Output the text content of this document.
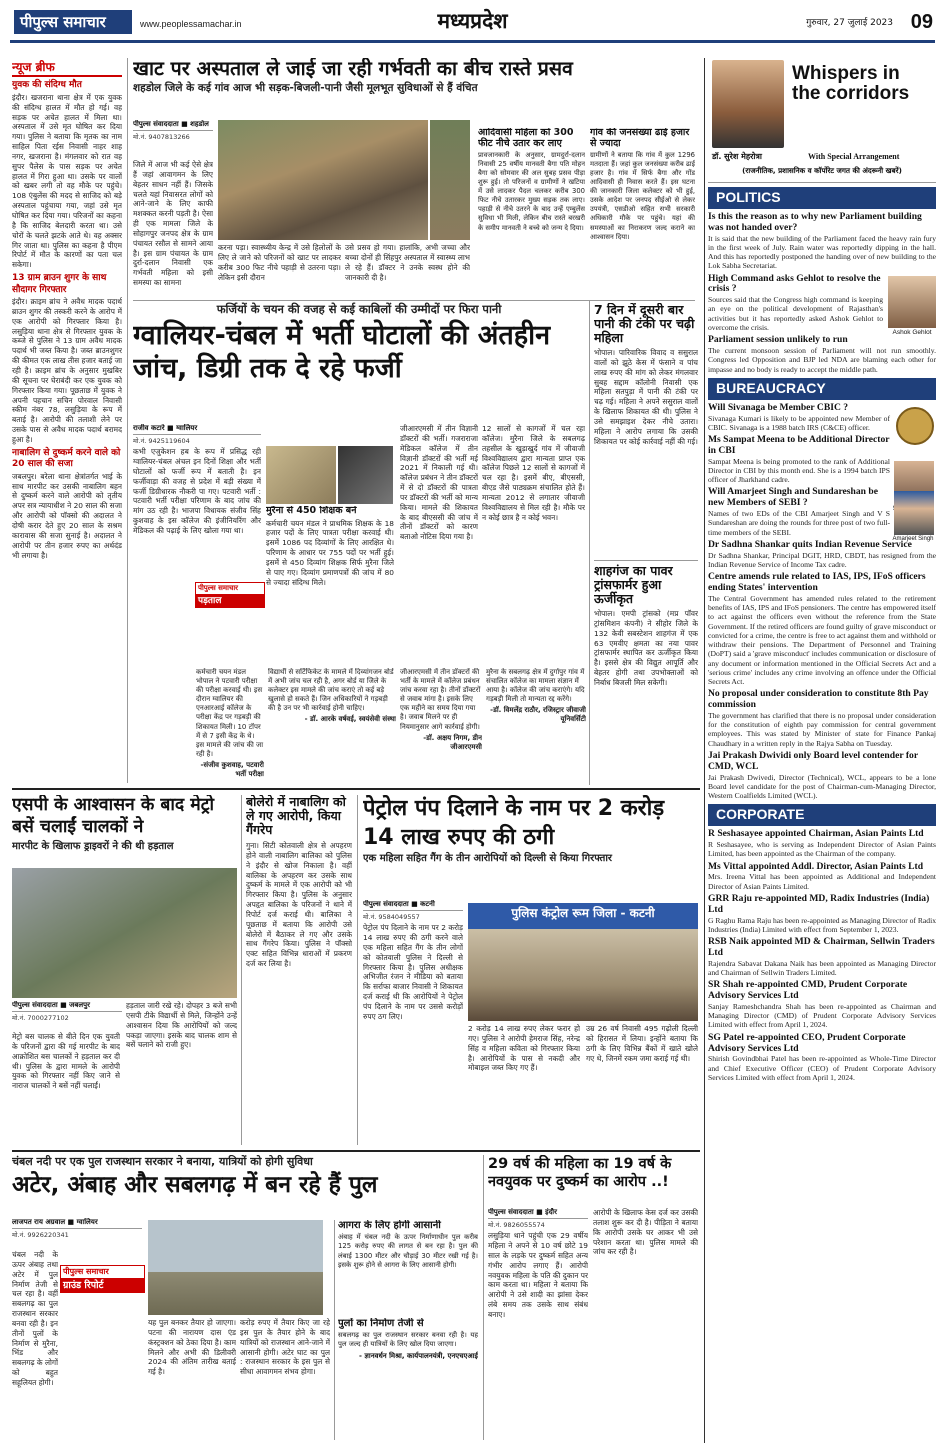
पीपुल्स समाचार	www.peoplessamachar.in	मध्यप्रदेश	गुरुवार, 27 जुलाई 2023 09
न्यूज ब्रीफ
युवक की संदिग्ध मौत
इंदौर। खजराना थाना क्षेत्र में एक युवक की संदिग्ध हालत में मौत हो गई। वह सड़क पर अचेत हालत में मिला था। अस्पताल में उसे मृत घोषित कर दिया गया। पुलिस ने बताया कि मृतक का नाम साहिल पिता रईस निवासी नाहर शाह नगर, खजराना है। मंगलवार को रात वह सुपर पैलेस के पास सड़क पर अचेत हालत में गिरा हुआ था। उसके पर वालों को खबर लगी तो वह मौके पर पहुंचे। 108 एंबुलेंस की मदद से साजिद को बड़े अस्पताल पहुंचाया गया, जहां उसे मृत घोषित कर दिया गया। परिजनों का कहना है कि साजिद बेलदारी करता था। उसे चोरों के चलते झटके आते थे। वह अक्सर गिर जाता था। पुलिस का कहना है पीएम रिपोर्ट में मौत के कारणों का पता चल सकेगा।
13 ग्राम ब्राउन शुगर के साथ सौदागर गिरफ्तार
इंदौर। क्राइम ब्रांच ने अवैध मादक पदार्थ ब्राउन शुगर की तस्करी करने के आरोप में एक आरोपी को गिरफ्तार किया है। लसुड़िया थाना क्षेत्र से गिरफ्तार युवक के कब्जे से पुलिस ने 13 ग्राम अवैध मादक पदार्थ भी जब्त किया है। जब्त ब्राउनशुगर की कीमत एक लाख तीस हजार बताई जा रही है। क्राइम ब्रांच के अनुसार मुखबिर की सूचना पर घेराबंदी कर एक युवक को गिरफ्तार किया गया। पूछताछ में युवक ने अपनी पहचान सचिन पोरवाल निवासी स्कीम नंबर 78, लसुड़िया के रूप में बताई है। आरोपी की तलाशी लेने पर उसके पास से अवैध मादक पदार्थ बरामद हुआ है।
नाबालिग से दुष्कर्म करने वाले को 20 साल की सजा
जबलपुर। बरेला थाना क्षेत्रांतर्गत भाई के साथ मारपीट कर उसकी नाबालिग बहन से दुष्कर्म करने वाले आरोपी को तृतीय अपर सत्र न्यायाधीश ने 20 साल की सजा और आरोपी को पॉक्सो की अदालत ने दोषी करार देते हुए 20 साल के सश्रम कारावास की सजा सुनाई है। अदालत ने आरोपी पर तीन हजार रुपए का अर्थदंड भी लगाया है।
खाट पर अस्पताल ले जाई जा रही गर्भवती का बीच रास्ते प्रसव
शहडोल जिले के कई गांव आज भी सड़क-बिजली-पानी जैसी मूलभूत सुविधाओं से हैं वंचित
पीपुल्स संवाददाता ■ शहडोल
मो.नं. 9407813266
जिले में आज भी कई ऐसे क्षेत्र हैं जहां आवागमन के लिए बेहतर साधन नहीं हैं। जिसके चलते यहां निवासरत लोगों को आने-जाने के लिए काफी मशक्कत करनी पड़ती है। ऐसा ही एक मामला जिले के सोहागपुर जनपद क्षेत्र के ग्राम पंचायत रसौल से सामने आया है। इस ग्राम पंचायत के ग्राम दुर्रा-दलान निवासी एक गर्भवती महिला को इसी समस्या का सामना
करना पड़ा। स्वास्थ्यीय केन्द्र में उसे हिलोलों के लिए ले जाने को परिजनों को खाट पर लादकर करीब 300 फिट नीचे पहाड़ी से उतरना पड़ा। लेकिन इसी दौरान
उसे प्रसव हो गया। हालांकि, अभी जच्चा और बच्चा दोनों ही सिंहपुर अस्पताल में स्वास्थ्य लाभ ले रहे हैं। डॉक्टर ने उनके स्वस्थ होने की जानकारी दी है।
आदिवासी महिला को 300 फीट नीचे उतार कर लाए
प्रावजानकारी के अनुसार, ग्रामदुर्रा-दलान निवासी 25 वर्षीय मानवती बैगा पति मोहन बैगा को सोमवार की अल सुबह प्रसव पीड़ा शुरू हुई। तो परिजनों व ग्रामीणों ने खटिया में उसे लादकर पैदल चलकर करीब 300 फिट नीचे उतारकर मुख्य सड़क तक लाए। पहाड़ी से नीचे उतरने के बाद उन्हें एम्बुलेंस सुविधा भी मिली, लेकिन बीच रास्ते बरखरी के समीप मानवती ने बच्चे को जन्म दे दिया।
गांव की जनसंख्या ढाई हजार से ज्यादा
ग्रामीणों ने बताया कि गांव में कुल 1296 मतदाता हैं। जहां कुल जनसंख्या करीब ढाई हजार है। गांव में सिर्फ बैगा और गोंड आदिवासी ही निवास करते हैं। इस घटना की जानकारी जिला कलेक्टर को भी हुई, उसके आदेश पर जनपद सीईओ से लेकर उपयंत्री, एसडीओ सहित सभी सरकारी अधिकारी मौके पर पहुंचे। यहां की समस्याओं का निराकरण जल्द कराने का आश्वासन दिया।
फर्जियों के चयन की वजह से कई काबिलों की उम्मीदों पर फिरा पानी
ग्वालियर-चंबल में भर्ती घोटालों की अंतहीन जांच, डिग्री तक दे रहे फर्जी
राजीव कटारे ■ ग्वालियर
मो.नं. 9425119604
कभी एजुकेशन हब के रूप में प्रसिद्ध रही ग्वालियर-चंबल अंचल इन दिनों शिक्षा और भर्ती घोटालों को फर्जी रूप में बताती है। इन फर्जीवाड़ा की वजह से प्रदेश में बड़ी संख्या में फर्जी डिग्रीधारक नौकरी पा गए। पटवारी भर्ती : पटवारी भर्ती परीक्षा परिणाम के बाद जांच की मांग उठ रही है। भाजपा विधायक संजीव सिंह कुशवाह के इस कॉलेज की इंजीनियरिंग और मेडिकल की पढ़ाई के लिए खोला गया था।
पीपुल्स समाचार
पड़ताल
मुरैना से 450 शिक्षक बने
कर्मचारी चयन मंडल ने प्राथमिक शिक्षक के 18 हजार पदों के लिए पात्रता परीक्षा करवाई थी। इसमें 1086 पद दिव्यांगों के लिए आरक्षित थे। परिणाम के आधार पर 755 पदों पर भर्ती हुई। इसमें से 450 दिव्यांग शिक्षक सिर्फ मुरैना जिले से पाए गए। दिव्यांग प्रमाणपत्रों की जांच में 80 से ज्यादा संदिग्ध मिले।
जीआरएमसी में तीन विज्ञानी डॉक्टरों की भर्ती। गजराराजा मेडिकल कॉलेज में तीन विज्ञानी डॉक्टरों की भर्ती मई 2021 में निकाली गई थी। कॉलेज प्रबंधन ने तीन डॉक्टरों में से दो डॉक्टरों की पात्रता पर डॉक्टरों की भर्ती को मान्य किया। मामले की शिकायत के बाद बीएससी की जांच में तीनों डॉक्टरों को कारण बताओ नोटिस दिया गया है।
12 सालों से कागजों में चल रहा कॉलेज। मुरैना जिले के सबलगढ़ तहसील के खुड़ाखुर्द गांव में जीवाजी विश्वविद्यालय द्वारा मान्यता प्राप्त एक कॉलेज पिछले 12 सालों से कागजों में चल रहा है। इसमें बीए, बीएससी, बीएड जैसे पाठ्यक्रम संचालित होते हैं। मान्यता 2012 से लगातार जीवाजी विश्वविद्यालय से मिल रही है। मौके पर न कोई छात्र है न कोई भवन।
कर्मचारी चयन मंडल भोपाल ने पटवारी परीक्षा की परीक्षा करवाई थी। इस दौरान ग्वालियर की एनआरआई कॉलेज के परीक्षा केंद्र पर गड़बड़ी की शिकायत मिली। 10 टॉपर में से 7 इसी केंद्र के थे। इस मामले की जांच की जा रही है।
-संजीव कुशवाह, पटवारी भर्ती परीक्षा
विद्यार्थी से सर्टिफिकेट के मामले में दिव्यांगजन बोर्ड में अभी जांच चल रही है, अगर बोर्ड या जिले के कलेक्टर इस मामले की जांच कराएं तो कई बड़े खुलासे हो सकते हैं। जिन अधिकारियों ने गड़बड़ी की है उन पर भी कार्रवाई होनी चाहिए।
- डॉ. आरके वर्षवई, स्वयंसेवी संस्था
जीआरएमसी में तीन डॉक्टरों की भर्ती के मामले में कॉलेज प्रबंधन जांच करवा रहा है। तीनों डॉक्टरों से जवाब मांगा है। इसके लिए एक महीने का समय दिया गया है। जवाब मिलने पर ही नियमानुसार आगे कार्रवाई होगी।
-डॉ. अक्षय निगम, डीन जीआरएमसी
मुरैना के सबलगढ़ क्षेत्र में दुर्गापुर गांव में संचालित कॉलेज का मामला संज्ञान में आया है। कॉलेज की जांच कराएंगे। यदि गड़बड़ी मिली तो मान्यता रद्द करेंगे।
-डॉ. विमलेंद्र राठौर, रजिस्ट्रार जीवाजी यूनिवर्सिटी
7 दिन में दूसरी बार पानी की टंकी पर चढ़ी महिला
भोपाल। पारिवारिक विवाद व ससुराल वालों को झूठे केस में फंसाने व पांच लाख रुपए की मांग को लेकर मंगलवार सुबह सद्दाम कॉलोनी निवासी एक महिला सतपुड़ा में पानी की टंकी पर चढ़ गई। महिला ने अपने ससुराल वालों के खिलाफ शिकायत की थी। पुलिस ने उसे समझाइश देकर नीचे उतारा। महिला ने आरोप लगाया कि उसकी शिकायत पर कोई कार्रवाई नहीं की गई।
शाहगंज का पावर ट्रांसफार्मर हुआ ऊर्जीकृत
भोपाल। एमपी ट्रांसको (मप्र पॉवर ट्रांसमिशन कंपनी) ने सीहोर जिले के 132 केवी सबस्टेशन शाहगंज में एक 63 एमवीए क्षमता का नया पावर ट्रांसफार्मर स्थापित कर ऊर्जीकृत किया है। इससे क्षेत्र की विद्युत आपूर्ति और बेहतर होगी तथा उपभोक्ताओं को निर्बाध बिजली मिल सकेगी।
एसपी के आश्वासन के बाद मेट्रो बसें चलाईं चालकों ने
मारपीट के खिलाफ ड्राइवरों ने की थी हड़ताल
पीपुल्स संवाददाता ■ जबलपुर
मो.नं. 7000277102
मेट्रो बस चालक से बीते दिन एक युवती के परिजनों द्वारा की गई मारपीट के बाद आक्रोशित बस चालकों ने हड़ताल कर दी थी। पुलिस के द्वारा मामले के आरोपी युवक को गिरफ्तार नहीं किए जाने से नाराज चालकों ने बसें नहीं चलाईं।
हड़ताल जारी रखे रहे। दोपहर 3 बजे सभी एसपी टीके विद्यार्थी से मिले, जिन्होंने उन्हें आश्वासन दिया कि आरोपियों को जल्द पकड़ा जाएगा। इसके बाद चालक शाम से बसें चलाने को राजी हुए।
बोलेरो में नाबालिग को ले गए आरोपी, किया गैंगरेप
गुना। सिटी कोतवाली क्षेत्र से अपहरण होने वाली नाबालिग बालिका को पुलिस ने इंदौर से खोज निकाला है। वहीं बालिका के अपहरण कर उसके साथ दुष्कर्म के मामले में एक आरोपी को भी गिरफ्तार किया है। पुलिस के अनुसार अपहृत बालिका के परिजनों ने थाने में रिपोर्ट दर्ज कराई थी। बालिका ने पूछताछ में बताया कि आरोपी उसे बोलेरो में बैठाकर ले गए और उसके साथ गैंगरेप किया। पुलिस ने पॉक्सो एक्ट सहित विभिन्न धाराओं में प्रकरण दर्ज कर लिया है।
पेट्रोल पंप दिलाने के नाम पर 2 करोड़ 14 लाख रुपए की ठगी
एक महिला सहित गैंग के तीन आरोपियों को दिल्ली से किया गिरफ्तार
पीपुल्स संवाददाता ■ कटनी
मो.नं. 9584049557
पेट्रोल पंप दिलाने के नाम पर 2 करोड़ 14 लाख रुपए की ठगी करने वाले एक महिला सहित गैंग के तीन लोगों को कोतवाली पुलिस ने दिल्ली से गिरफ्तार किया है। पुलिस अधीक्षक अभिजीत रंजन ने मीडिया को बताया कि सर्राफा बाजार निवासी ने शिकायत दर्ज कराई थी कि आरोपियों ने पेट्रोल पंप दिलाने के नाम पर उससे करोड़ों रुपए ठग लिए।
पुलिस कंट्रोल रूम जिला - कटनी
2 करोड़ 14 लाख रुपए लेकर फरार हो गए। पुलिस ने आरोपी हेमराज सिंह, नरेन्द्र सिंह व महिला कविता को गिरफ्तार किया है। आरोपियों के पास से नकदी और मोबाइल जब्त किए गए हैं।
उम्र 26 वर्ष निवासी 495 गढ़ोली दिल्ली को हिरासत में लिया। इन्होंने बताया कि ठगी के लिए विभिन्न बैंकों में खाते खोले गए थे, जिनमें रकम जमा कराई गई थी।
चंबल नदी पर एक पुल राजस्थान सरकार ने बनाया, यात्रियों को होगी सुविधा
अटेर, अंबाह और सबलगढ़ में बन रहे हैं पुल
लाजपत राय अग्रवाल ■ ग्वालियर
मो.नं. 9926220341
पीपुल्स समाचार
ग्राउंड रिपोर्ट
चंबल नदी के ऊपर अंबाह तथा अटेर में पुल निर्माण तेजी से चल रहा है। वहीं सबलगढ़ का पुल राजस्थान सरकार बनवा रही है। इन तीनों पुलों के निर्माण से मुरैना, भिंड और सबलगढ़ के लोगों को बहुत सहूलियत होगी।
यह पुल बनकर तैयार हो जाएगा। पटना की नारायण दास एंड कंस्ट्रक्शन को ठेका दिया है। काम मिलने और अभी की डिलीवरी 2024 की अंतिम तारीख बताई गई है।
करोड़ रुपए में तैयार किए जा रहे इस पुल के तैयार होने के बाद यात्रियों को राजस्थान आने-जाने में आसानी होगी। अटेर घाट का पुल : राजस्थान सरकार के इस पुल से सीधा आवागमन संभव होगा।
आगरा के लिए होगी आसानी
अंबाह में चंबल नदी के ऊपर निर्माणाधीन पुल करीब 125 करोड़ रुपए की लागत से बन रहा है। पुल की लंबाई 1300 मीटर और चौड़ाई 30 मीटर रखी गई है। इसके शुरू होने से आगरा के लिए आसानी होगी।
पुलों का निर्माण तेजी से
सबलगढ़ का पुल राजस्थान सरकार बनवा रही है। यह पुल जल्द ही यात्रियों के लिए खोल दिया जाएगा।
- ज्ञानवर्धन मिश्रा, कार्यपालनयंत्री, एनएचएआई
29 वर्ष की महिला का 19 वर्ष के नवयुवक पर दुष्कर्म का आरोप ..!
पीपुल्स संवाददाता ■ इंदौर
मो.नं. 9826055574
लसुड़िया थाने पहुंची एक 29 वर्षीय महिला ने अपने से 10 वर्ष छोटे 19 साल के लड़के पर दुष्कर्म सहित अन्य गंभीर आरोप लगाए हैं। आरोपी नवयुवक महिला के पति की दुकान पर काम करता था। महिला ने बताया कि आरोपी ने उसे शादी का झांसा देकर लंबे समय तक उसके साथ संबंध बनाए।
आरोपी के खिलाफ केस दर्ज कर उसकी तलाश शुरू कर दी है। पीड़िता ने बताया कि आरोपी उसके घर आकर भी उसे परेशान करता था। पुलिस मामले की जांच कर रही है।
Whispers in the corridors
डॉ. सुरेश मेहरोत्रा	With Special Arrangement
(राजनीतिक, प्रशासनिक व कॉर्पोरेट जगत की अंदरूनी खबरें)
POLITICS
Is this the reason as to why new Parliament building was not handed over?
It is said that the new building of the Parliament faced the heavy rain fury in the first week of July. Rain water was reportedly dipping in the hall. And this has reportedly postponed the handing over of new building to the Lok Sabha Secretariat.
Ashok Gehlot
High Command asks Gehlot to resolve the crisis ?
Sources said that the Congress high command is keeping an eye on the political development of Rajasthan's activities but it has reportedly asked Ashok Gehlot to overcome the crisis.
Parliament session unlikely to run
The current monsoon session of Parliament will not run smoothly. Congress led Opposition and BJP led NDA are blaming each other for impasse and no body is ready to accept the middle path.
BUREAUCRACY
Will Sivanaga be Member CBIC ?
Sivanaga Kumari is likely to be appointed new Member of CBIC. Sivanaga is a 1988 batch IRS (C&CE) officer.
Ms Sampat Meena to be Additional Director in CBI
Sampat Meena is being promoted to the rank of Additional Director in CBI by this month end. She is a 1994 batch IPS officer of Jharkhand cadre.
Amarjeet Singh
Will Amarjeet Singh and Sundareshan be new Members of SEBI ?
Names of two EDs of the CBI Amarjeet Singh and V S Sundareshan are doing the rounds for three post of two full-time members of the SEBI.
Dr Sadhna Shankar quits Indian Revenue Service
Dr Sadhna Shankar, Principal DGIT, HRD, CBDT, has resigned from the Indian Revenue Service of Income Tax cadre.
Centre amends rule related to IAS, IPS, IFoS officers ending States' intervention
The Central Government has amended rules related to the retirement benefits of IAS, IPS and IFoS pensioners. The centre has empowered itself to act against the officers even without the reference from the State Government. If the retired officers are found guilty of grave misconduct or convicted for a crime, the centre is free to act against them and withhold or withdraw their pensions. The Department of Personnel and Training (DoPT) said a 'grave misconduct' includes communication or disclosure of any document or information mentioned in the Official Secrets Act and a 'serious crime' includes any crime involving an offence under the Official Secrets Act.
No proposal under consideration to constitute 8th Pay commission
The government has clarified that there is no proposal under consideration for the constitution of eighth pay commission for central government employees. This was stated by Minister of state for Finance Pankaj Chaudhary in a written reply in the Rajya Sabha on Tuesday.
Jai Prakash Dwividi only Board level contender for CMD, WCL
Jai Prakash Dwivedi, Director (Technical), WCL, appears to be a lone Board level candidate for the post of Chairman-cum-Managing Director, Western Coalfields Limited (WCL).
CORPORATE
R Seshasayee appointed Chairman, Asian Paints Ltd
R Seshasayee, who is serving as Independent Director of Asian Paints Limited, has been appointed as the Chairman of the company.
Ms Vittal appointed Addl. Director, Asian Paints Ltd
Mrs. Ireena Vittal has been appointed as Additional and Independent Director of Asian Paints Limited.
GRR Raju re-appointed MD, Radix Industries (India) Ltd
G Raghu Rama Raju has been re-appointed as Managing Director of Radix Industries (India) Limited with effect from September 1, 2023.
RSB Naik appointed MD & Chairman, Sellwin Traders Ltd
Rajendra Sabavat Dakana Naik has been appointed as Managing Director and Chairman of Sellwin Traders Limited.
SR Shah re-appointed CMD, Prudent Corporate Advisory Services Ltd
Sanjay Rameshchandra Shah has been re-appointed as Chairman and Managing Director (CMD) of Prudent Corporate Advisory Services Limited with effect from April 1, 2024.
SG Patel re-appointed CEO, Prudent Corporate Advisory Services Ltd
Shirish Govindbhai Patel has been re-appointed as Whole-Time Director and Chief Executive Officer (CEO) of Prudent Corporate Advisory Services Limited with effect from April 1, 2024.
